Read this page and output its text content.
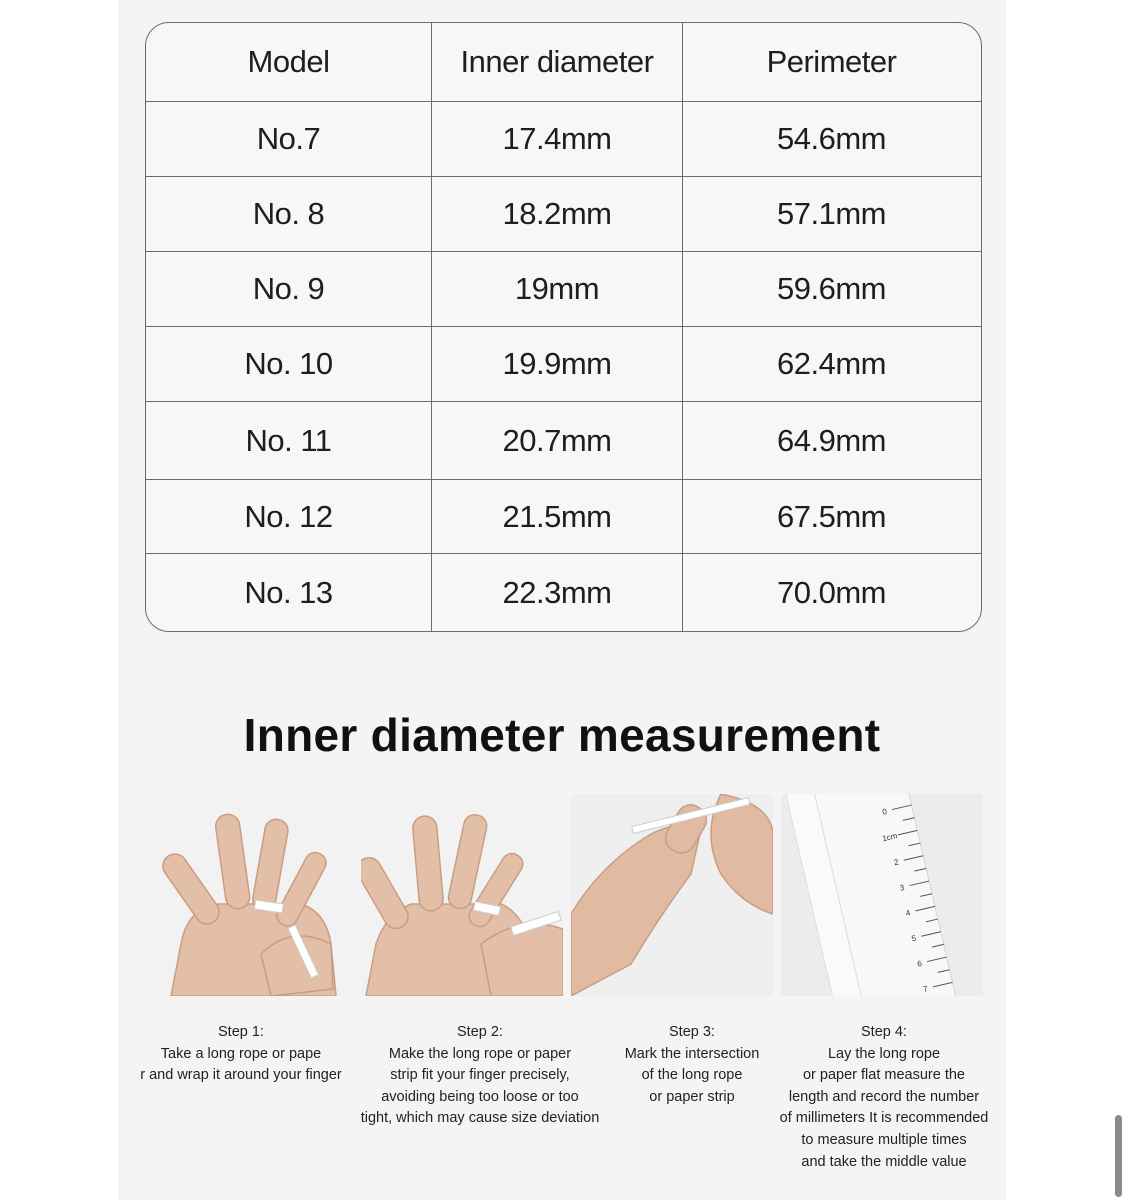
Model	Inner diameter	Perimeter
No.7	17.4mm	54.6mm
No. 8	18.2mm	57.1mm
No. 9	19mm	59.6mm
No. 10	19.9mm	62.4mm
No. 11	20.7mm	64.9mm
No. 12	21.5mm	67.5mm
No. 13	22.3mm	70.0mm
Inner diameter measurement
0
1cm
2
3
4
5
6
7
Step 1:
Take a long rope or pape
r and wrap it around your finger
Step 2:
Make the long rope or paper
strip fit your finger precisely,
avoiding being too loose or too
tight, which may cause size deviation
Step 3:
Mark the intersection
of the long rope
or paper strip
Step 4:
Lay the long rope
or paper flat measure the
length and record the number
of millimeters It is recommended
to measure multiple times
and take the middle value
